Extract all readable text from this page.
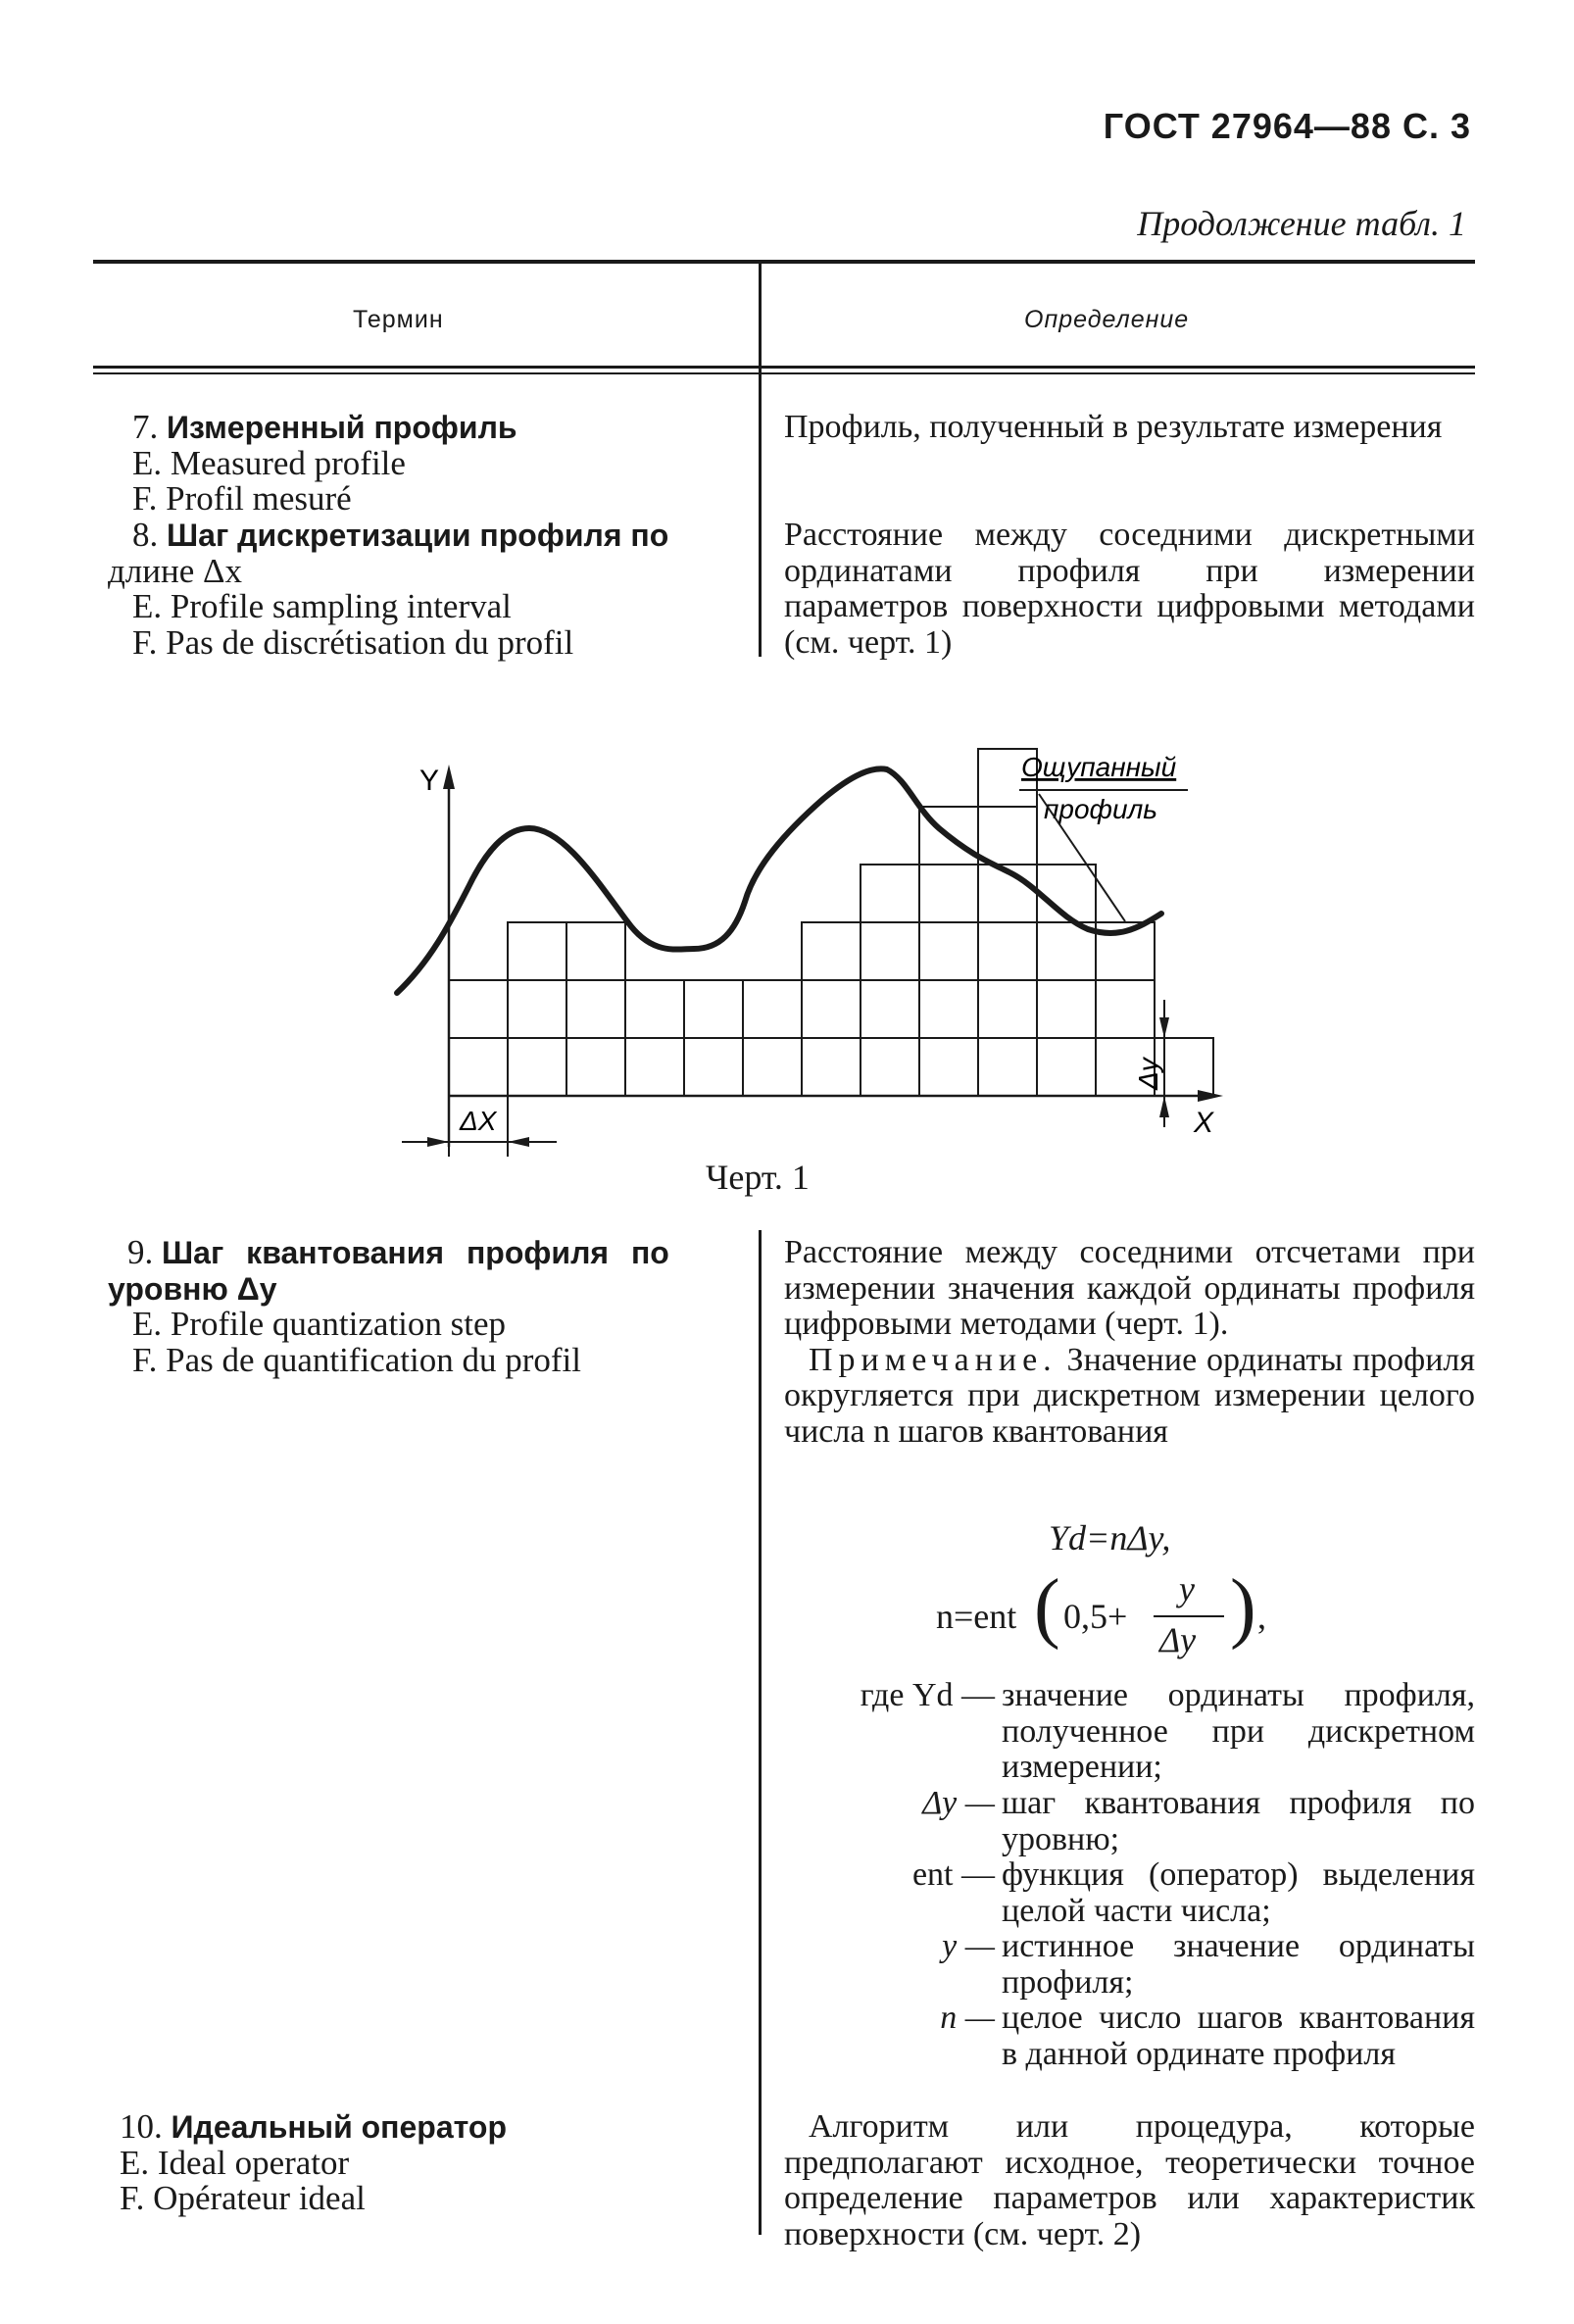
ГОСТ 27964—88 С. 3
Продолжение табл. 1
Термин	Определение
7. Измеренный профиль
E. Measured profile
F. Profil mesuré
8. Шаг дискретизации профиля по
длине Δx
E. Profile sampling interval
F. Pas de discrétisation du profil

Профиль, полученный в результате измерения

Расстояние между соседними дискретными ординатами профиля при измерении параметров поверхности цифровыми методами (см. черт. 1)

Y
X
ΔX
Δy
Ощупанный
профиль
Черт. 1
9. Шаг квантования профиля по
уровню Δy
E. Profile quantization step
F. Pas de quantification du profil

Расстояние между соседними отсчетами при измерении значения каждой ординаты профиля цифровыми методами (черт. 1).

Примечание. Значение ординаты профиля округляется при дискретном измерении целого числа n шагов квантования

Yd=nΔy,
n=ent ( 0,5+
y
Δy ) ,
где Yd — значение ординаты профиля, полученное при дискретном измерении;
Δy — шаг квантования профиля по уровню;
ent — функция (оператор) выделения целой части числа;
y — истинное значение ординаты профиля;
n — целое число шагов квантования в данной ординате профиля
10. Идеальный оператор
E. Ideal operator
F. Opérateur ideal

Алгоритм или процедура, которые предполагают исходное, теоретически точное определение параметров или характеристик поверхности (см. черт. 2)
